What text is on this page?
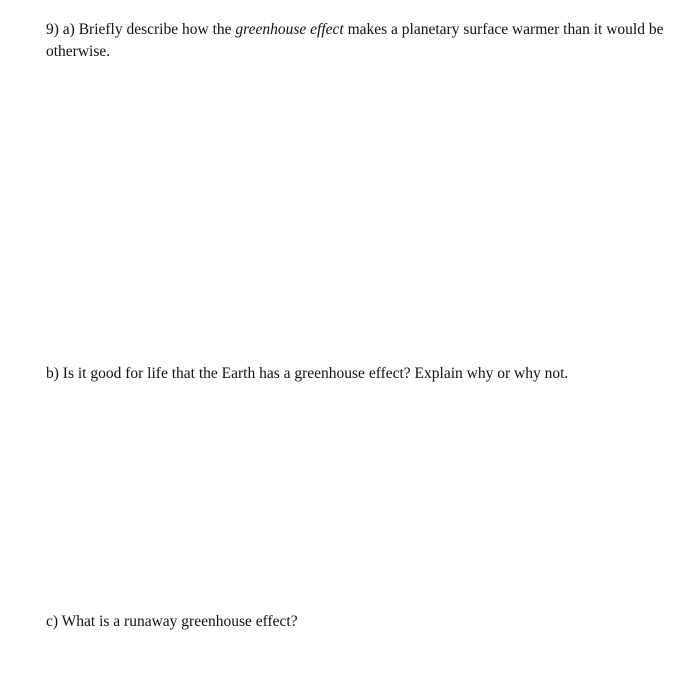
9) a) Briefly describe how the greenhouse effect makes a planetary surface warmer than it would be otherwise.

b) Is it good for life that the Earth has a greenhouse effect? Explain why or why not.

c) What is a runaway greenhouse effect?
